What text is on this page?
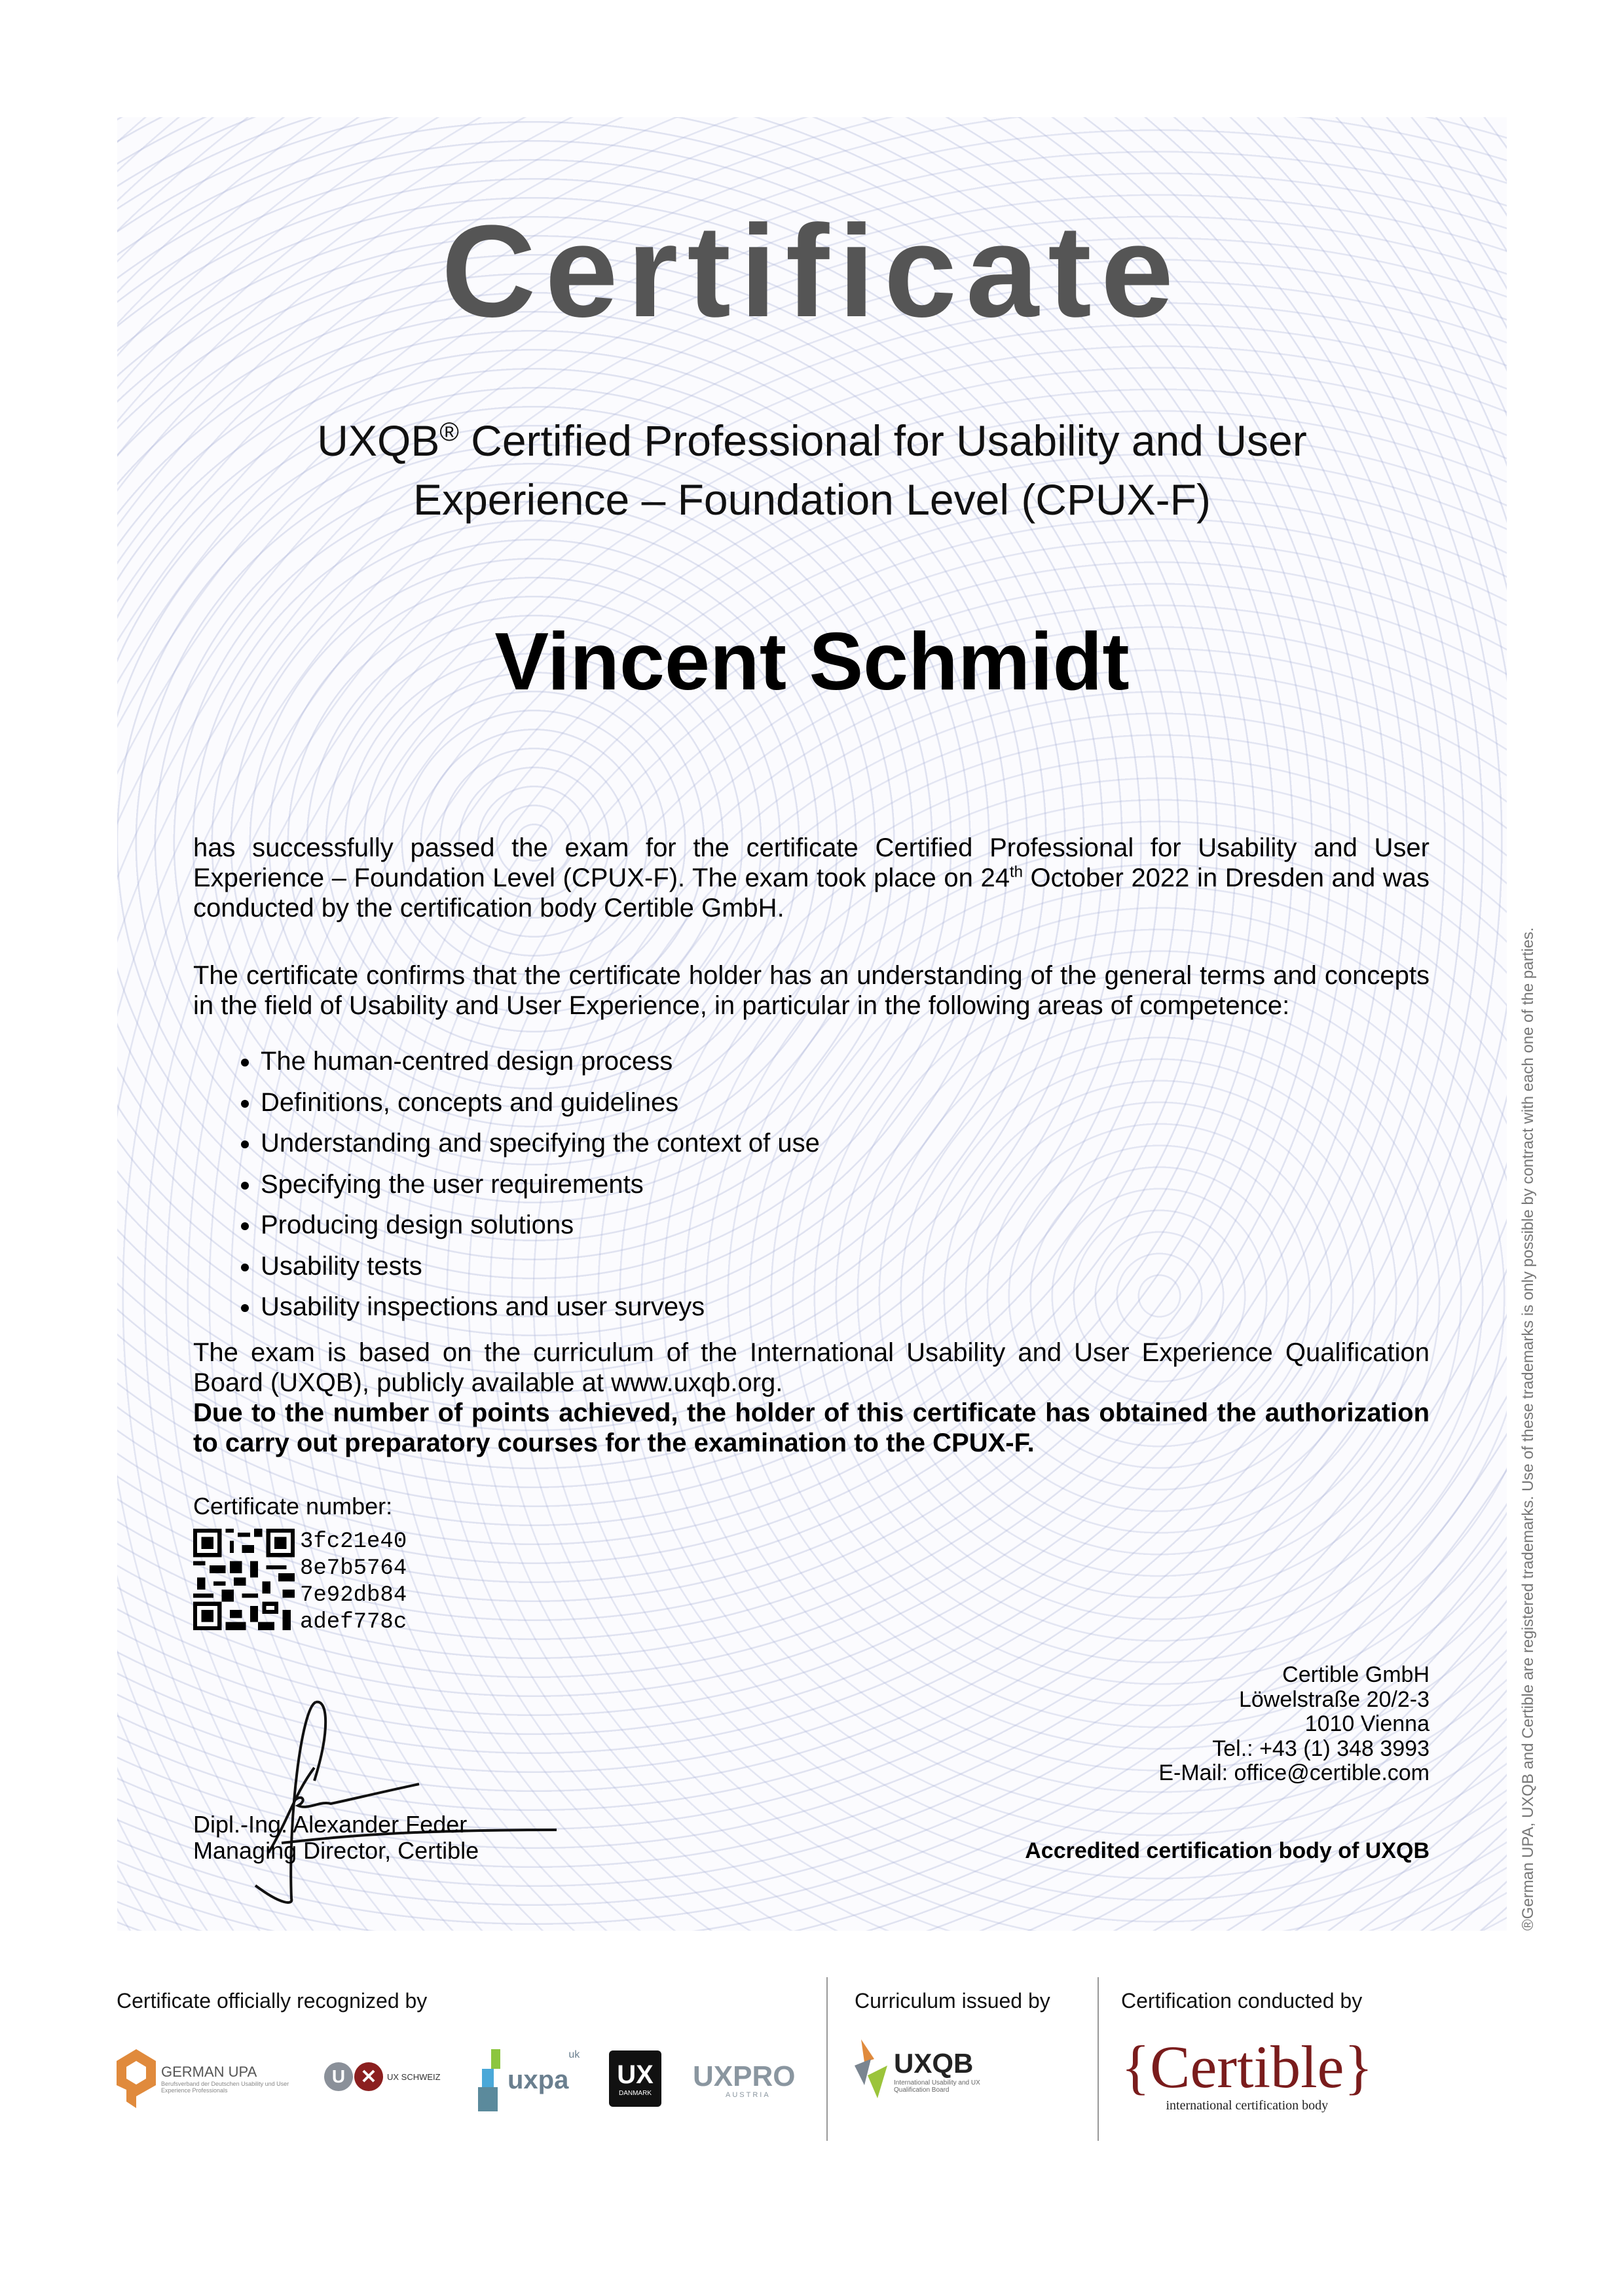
Certificate
UXQB® Certified Professional for Usability and User
Experience – Foundation Level (CPUX-F)
Vincent Schmidt
has successfully passed the exam for the certificate Certified Professional for Usability and User Experience – Foundation Level (CPUX-F). The exam took place on 24th October 2022 in Dresden and was conducted by the certification body Certible GmbH.
The certificate confirms that the certificate holder has an understanding of the general terms and concepts in the field of Usability and User Experience, in particular in the following areas of competence:
• The human-centred design process
• Definitions, concepts and guidelines
• Understanding and specifying the context of use
• Specifying the user requirements
• Producing design solutions
• Usability tests
• Usability inspections and user surveys
The exam is based on the curriculum of the International Usability and User Experience Qualification Board (UXQB), publicly available at www.uxqb.org.
Due to the number of points achieved, the holder of this certificate has obtained the authorization to carry out preparatory courses for the examination to the CPUX-F.
Certificate number:
3fc21e40
8e7b5764
7e92db84
adef778c
Certible GmbH
Löwelstraße 20/2-3
1010 Vienna
Tel.: +43 (1) 348 3993
E-Mail: office@certible.com
Dipl.-Ing. Alexander Feder
Managing Director, Certible	Accredited certification body of UXQB	®German UPA, UXQB and Certible are registered trademarks. Use of these trademarks is only possible by contract with each one of the parties.
Certificate officially recognized by	Curriculum issued by	Certification conducted by
GERMAN UPA
Berufsverband der Deutschen Usability und User Experience Professionals
U ✕	UX SCHWEIZ	uxpa
uk
UX
DANMARK
UXPRO
AUSTRIA
UXQB
International Usability and UX Qualification Board	{Certible}
international certification body
